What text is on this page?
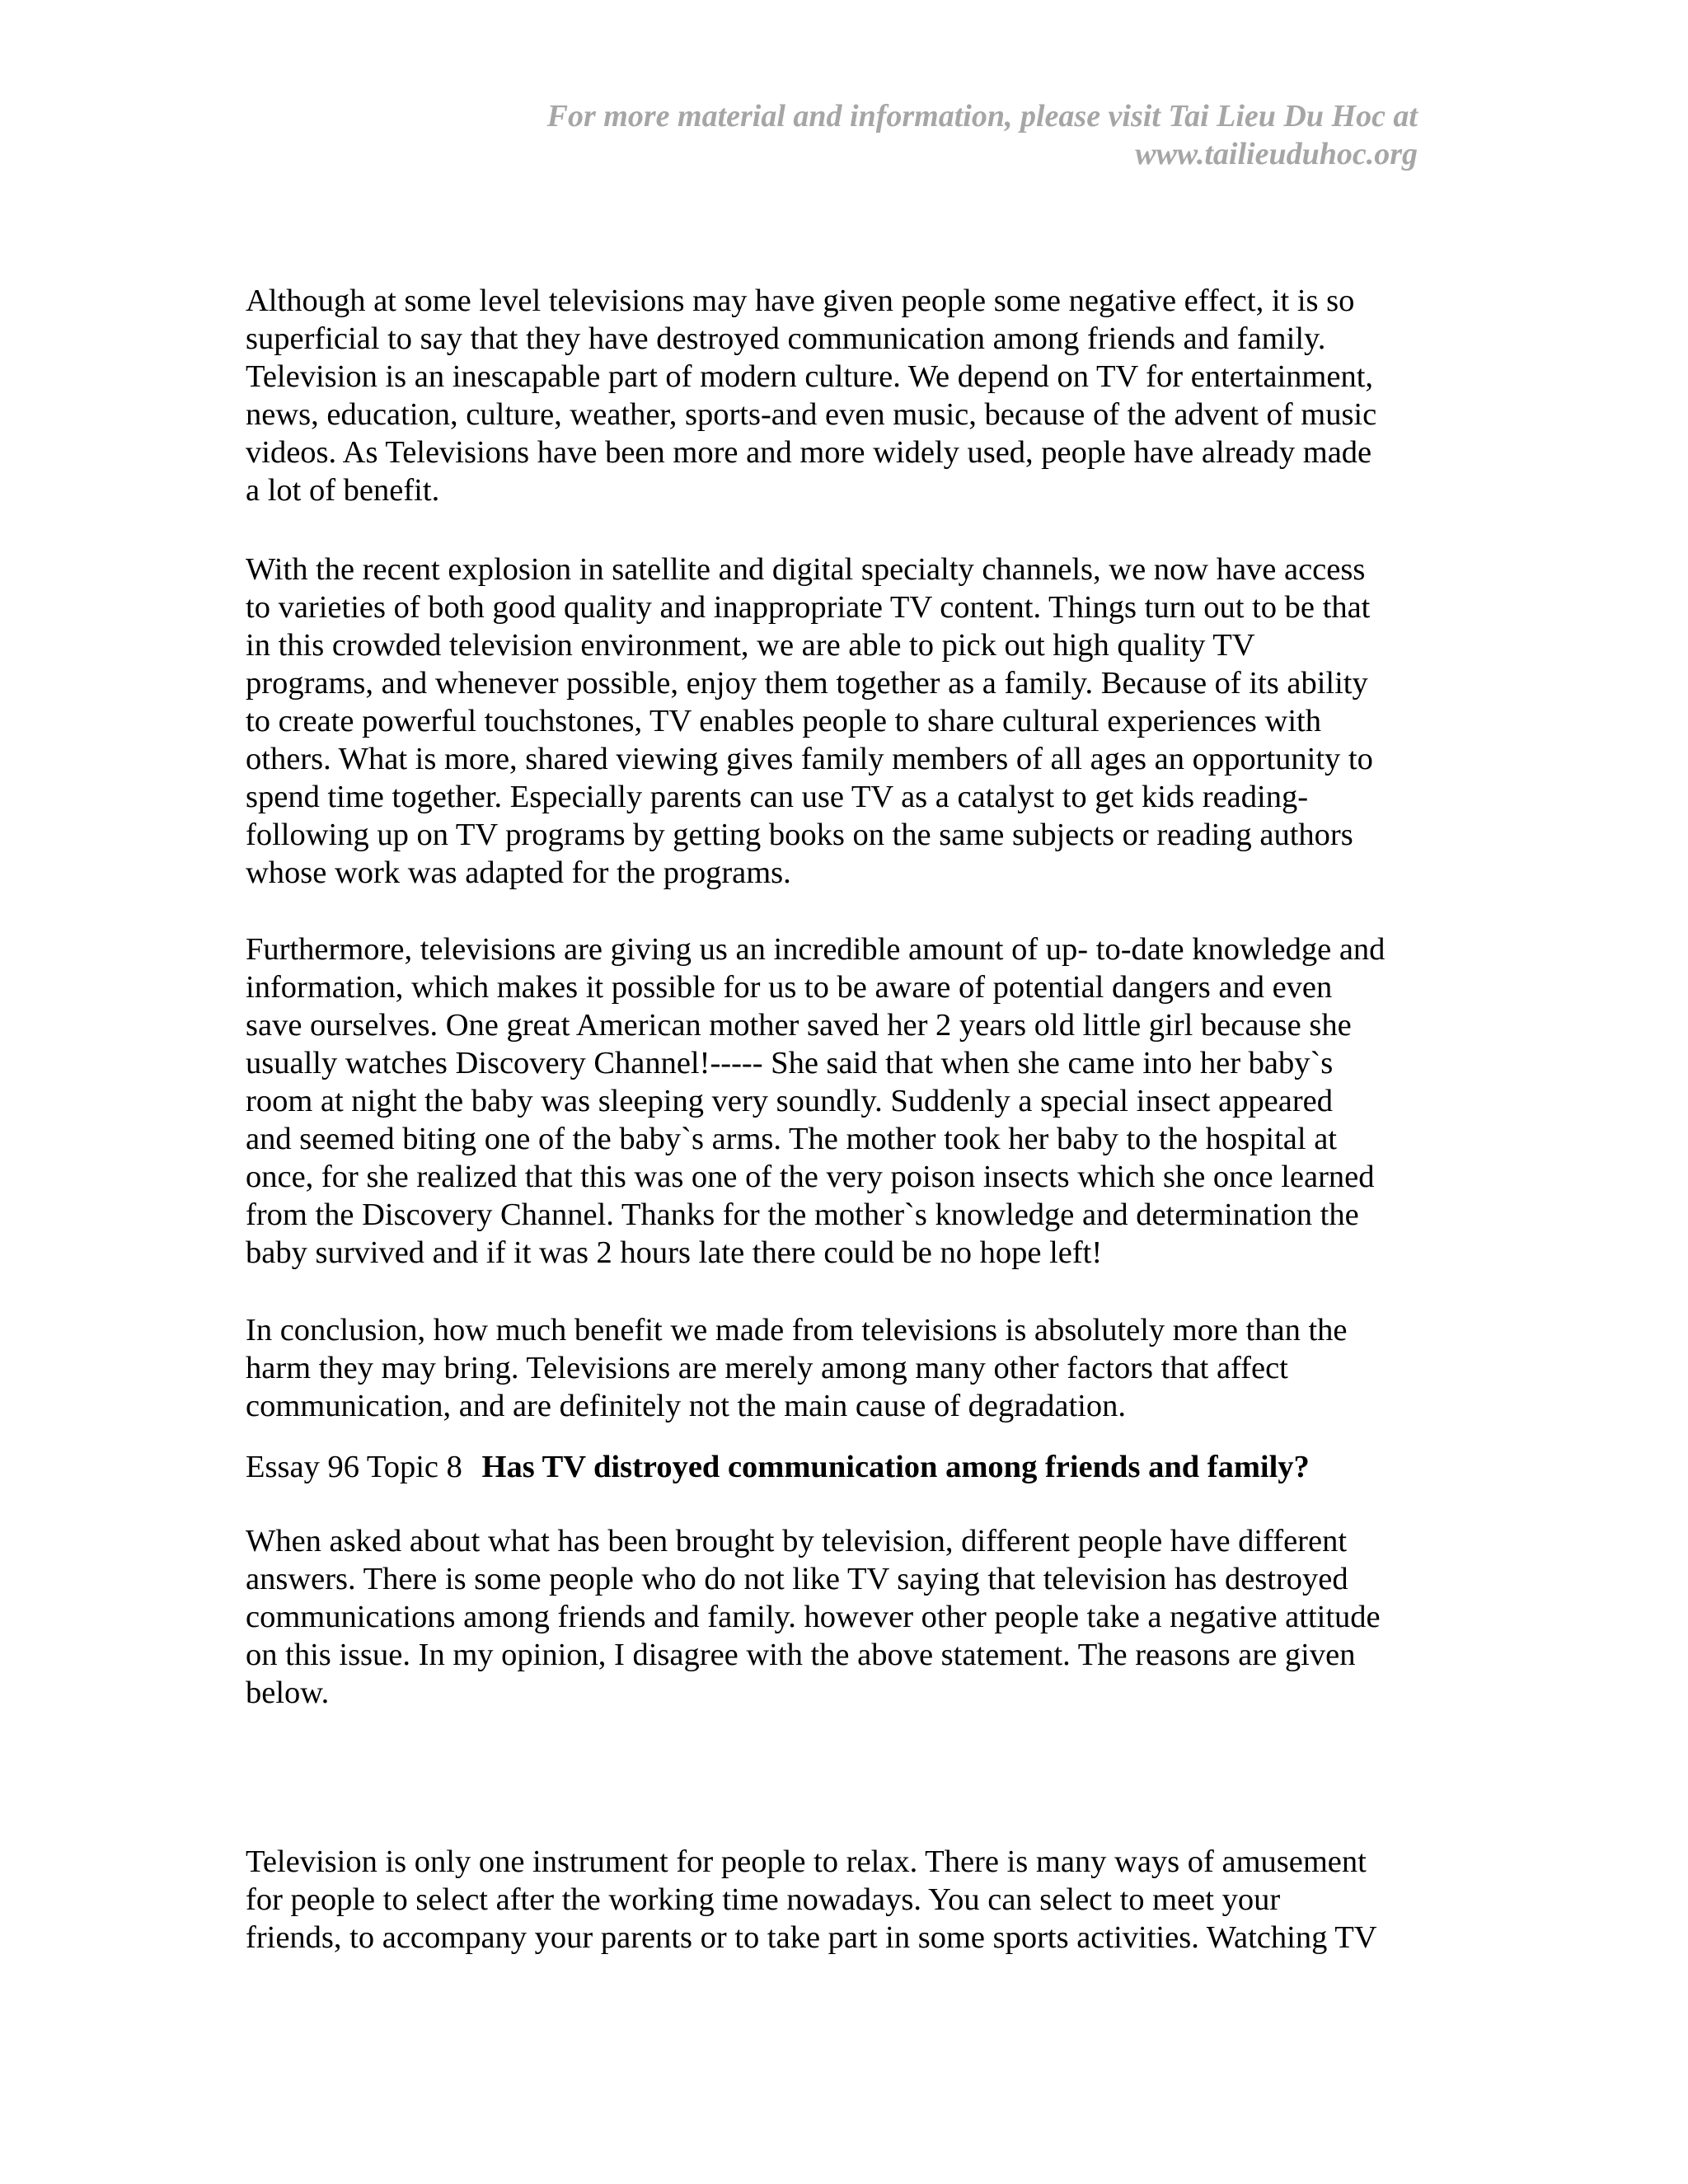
For more material and information, please visit Tai Lieu Du Hoc at
www.tailieuduhoc.org

Although at some level televisions may have given people some negative effect, it is so
superficial to say that they have destroyed communication among friends and family.
Television is an inescapable part of modern culture. We depend on TV for entertainment,
news, education, culture, weather, sports-and even music, because of the advent of music
videos. As Televisions have been more and more widely used, people have already made
a lot of benefit.

With the recent explosion in satellite and digital specialty channels, we now have access
to varieties of both good quality and inappropriate TV content. Things turn out to be that
in this crowded television environment, we are able to pick out high quality TV
programs, and whenever possible, enjoy them together as a family. Because of its ability
to create powerful touchstones, TV enables people to share cultural experiences with
others. What is more, shared viewing gives family members of all ages an opportunity to
spend time together. Especially parents can use TV as a catalyst to get kids reading-
following up on TV programs by getting books on the same subjects or reading authors
whose work was adapted for the programs.

Furthermore, televisions are giving us an incredible amount of up- to-date knowledge and
information, which makes it possible for us to be aware of potential dangers and even
save ourselves. One great American mother saved her 2 years old little girl because she
usually watches Discovery Channel!----- She said that when she came into her baby`s
room at night the baby was sleeping very soundly. Suddenly a special insect appeared
and seemed biting one of the baby`s arms. The mother took her baby to the hospital at
once, for she realized that this was one of the very poison insects which she once learned
from the Discovery Channel. Thanks for the mother`s knowledge and determination the
baby survived and if it was 2 hours late there could be no hope left!

In conclusion, how much benefit we made from televisions is absolutely more than the
harm they may bring. Televisions are merely among many other factors that affect
communication, and are definitely not the main cause of degradation.

Essay 96 Topic 8 Has TV distroyed communication among friends and family?

When asked about what has been brought by television, different people have different
answers. There is some people who do not like TV saying that television has destroyed
communications among friends and family. however other people take a negative attitude
on this issue. In my opinion, I disagree with the above statement. The reasons are given
below.

Television is only one instrument for people to relax. There is many ways of amusement
for people to select after the working time nowadays. You can select to meet your
friends, to accompany your parents or to take part in some sports activities. Watching TV
